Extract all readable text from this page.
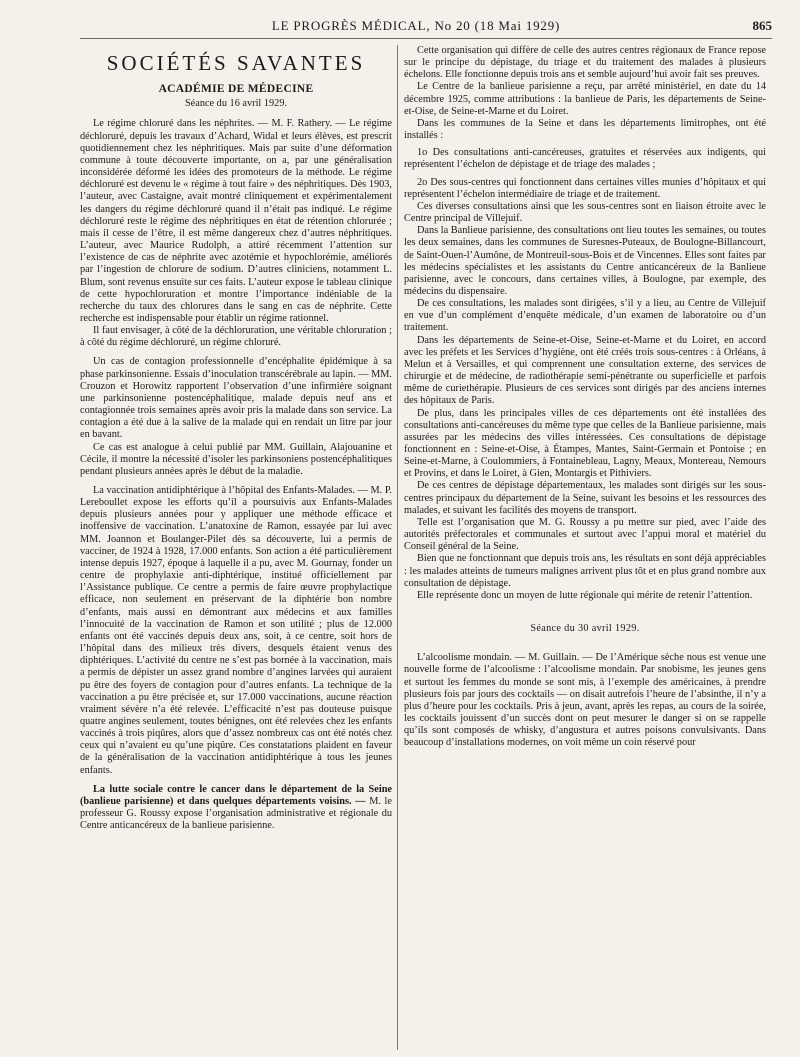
LE PROGRÈS MÉDICAL, No 20 (18 Mai 1929)	865
SOCIÉTÉS SAVANTES
ACADÉMIE DE MÉDECINE
Séance du 16 avril 1929.

Le régime chloruré dans les néphrites. — M. F. Rathery. — Le régime déchloruré, depuis les travaux d’Achard, Widal et leurs élèves, est prescrit quotidiennement chez les néphritiques. Mais par suite d’une déformation commune à toute découverte importante, on a, par une généralisation inconsidérée déformé les idées des promoteurs de la méthode. Le régime déchloruré est devenu le « régime à tout faire » des néphritiques. Dès 1903, l’auteur, avec Castaigne, avait montré cliniquement et expérimentalement les dangers du régime déchloruré quand il n’était pas indiqué. Le régime déchloruré reste le régime des néphritiques en état de rétention chlorurée ; mais il cesse de l’être, il est même dangereux chez d’autres néphritiques. L’auteur, avec Maurice Rudolph, a attiré récemment l’attention sur l’existence de cas de néphrite avec azotémie et hypochlorémie, améliorés par l’ingestion de chlorure de sodium. D’autres cliniciens, notamment L. Blum, sont revenus ensuite sur ces faits. L’auteur expose le tableau clinique de cette hypochloruration et montre l’importance indéniable de la recherche du taux des chlorures dans le sang en cas de néphrite. Cette recherche est indispensable pour établir un régime rationnel.

Il faut envisager, à côté de la déchloruration, une véritable chloruration ; à côté du régime déchloruré, un régime chloruré.

Un cas de contagion professionnelle d’encéphalite épidémique à sa phase parkinsonienne. Essais d’inoculation transcérébrale au lapin. — MM. Crouzon et Horowitz rapportent l’observation d’une infirmière soignant une parkinsonienne postencéphalitique, malade depuis neuf ans et contagionnée trois semaines après avoir pris la malade dans son service. La contagion a été due à la salive de la malade qui en rendait un litre par jour en bavant.

Ce cas est analogue à celui publié par MM. Guillain, Alajouanine et Cécile, il montre la nécessité d’isoler les parkinsoniens postencéphalitiques pendant plusieurs années après le début de la maladie.

La vaccination antidiphtérique à l’hôpital des Enfants-Malades. — M. P. Lereboullet expose les efforts qu’il a poursuivis aux Enfants-Malades depuis plusieurs années pour y appliquer une méthode efficace et inoffensive de vaccination. L’anatoxine de Ramon, essayée par lui avec MM. Joannon et Boulanger-Pilet dès sa découverte, lui a permis de vacciner, de 1924 à 1928, 17.000 enfants. Son action a été particulièrement intense depuis 1927, époque à laquelle il a pu, avec M. Gournay, fonder un centre de prophylaxie anti-diphtérique, institué officiellement par l’Assistance publique. Ce centre a permis de faire œuvre prophylactique efficace, non seulement en préservant de la diphtérie bon nombre d’enfants, mais aussi en démontrant aux médecins et aux familles l’innocuité de la vaccination de Ramon et son utilité ; plus de 12.000 enfants ont été vaccinés depuis deux ans, soit, à ce centre, soit hors de l’hôpital dans des milieux très divers, desquels étaient venus des diphtériques. L’activité du centre ne s’est pas bornée à la vaccination, mais a permis de dépister un assez grand nombre d’angines larvées qui auraient pu être des foyers de contagion pour d’autres enfants. La technique de la vaccination a pu être précisée et, sur 17.000 vaccinations, aucune réaction vraiment sévère n’a été relevée. L’efficacité n’est pas douteuse puisque quatre angines seulement, toutes bénignes, ont été relevées chez les enfants vaccinés à trois piqûres, alors que d’assez nombreux cas ont été notés chez ceux qui n’avaient eu qu’une piqûre. Ces constatations plaident en faveur de la généralisation de la vaccination antidiphtérique à tous les jeunes enfants.

La lutte sociale contre le cancer dans le département de la Seine (banlieue parisienne) et dans quelques départements voisins. — M. le professeur G. Roussy expose l’organisation administrative et régionale du Centre anticancéreux de la banlieue parisienne.

Cette organisation qui diffère de celle des autres centres régionaux de France repose sur le principe du dépistage, du triage et du traitement des malades à plusieurs échelons. Elle fonctionne depuis trois ans et semble aujourd’hui avoir fait ses preuves.

Le Centre de la banlieue parisienne a reçu, par arrêté ministériel, en date du 14 décembre 1925, comme attributions : la banlieue de Paris, les départements de Seine-et-Oise, de Seine-et-Marne et du Loiret.

Dans les communes de la Seine et dans les départements limitrophes, ont été installés :

1o Des consultations anti-cancéreuses, gratuites et réservées aux indigents, qui représentent l’échelon de dépistage et de triage des malades ;

2o Des sous-centres qui fonctionnent dans certaines villes munies d’hôpitaux et qui représentent l’échelon intermédiaire de triage et de traitement.

Ces diverses consultations ainsi que les sous-centres sont en liaison étroite avec le Centre principal de Villejuif.

Dans la Banlieue parisienne, des consultations ont lieu toutes les semaines, ou toutes les deux semaines, dans les communes de Suresnes-Puteaux, de Boulogne-Billancourt, de Saint-Ouen-l’Aumône, de Montreuil-sous-Bois et de Vincennes. Elles sont faites par les médecins spécialistes et les assistants du Centre anticancéreux de la Banlieue parisienne, avec le concours, dans certaines villes, à Boulogne, par exemple, des médecins du dispensaire.

De ces consultations, les malades sont dirigées, s’il y a lieu, au Centre de Villejuif en vue d’un complément d’enquête médicale, d’un examen de laboratoire ou d’un traitement.

Dans les départements de Seine-et-Oise, Seine-et-Marne et du Loiret, en accord avec les préfets et les Services d’hygiène, ont été créés trois sous-centres : à Orléans, à Melun et à Versailles, et qui comprennent une consultation externe, des services de chirurgie et de médecine, de radiothérapie semi-pénétrante ou superficielle et parfois même de curiethérapie. Plusieurs de ces services sont dirigés par des anciens internes des hôpitaux de Paris.

De plus, dans les principales villes de ces départements ont été installées des consultations anti-cancéreuses du même type que celles de la Banlieue parisienne, mais assurées par les médecins des villes intéressées. Ces consultations de dépistage fonctionnent en : Seine-et-Oise, à Étampes, Mantes, Saint-Germain et Pontoise ; en Seine-et-Marne, à Coulommiers, à Fontainebleau, Lagny, Meaux, Montereau, Nemours et Provins, et dans le Loiret, à Gien, Montargis et Pithiviers.

De ces centres de dépistage départementaux, les malades sont dirigés sur les sous-centres principaux du département de la Seine, suivant les besoins et les ressources des malades, et suivant les facilités des moyens de transport.

Telle est l’organisation que M. G. Roussy a pu mettre sur pied, avec l’aide des autorités préfectorales et communales et surtout avec l’appui moral et matériel du Conseil général de la Seine.

Bien que ne fonctionnant que depuis trois ans, les résultats en sont déjà appréciables : les malades atteints de tumeurs malignes arrivent plus tôt et en plus grand nombre aux consultation de dépistage.

Elle représente donc un moyen de lutte régionale qui mérite de retenir l’attention.

Séance du 30 avril 1929.

L’alcoolisme mondain. — M. Guillain. — De l’Amérique sèche nous est venue une nouvelle forme de l’alcoolisme : l’alcoolisme mondain. Par snobisme, les jeunes gens et surtout les femmes du monde se sont mis, à l’exemple des américaines, à prendre plusieurs fois par jours des cocktails — on disait autrefois l’heure de l’absinthe, il n’y a plus d’heure pour les cocktails. Pris à jeun, avant, après les repas, au cours de la soirée, les cocktails jouissent d’un succès dont on peut mesurer le danger si on se rappelle qu’ils sont composés de whisky, d’angustura et autres poisons convulsivants. Dans beaucoup d’installations modernes, on voit même un coin réservé pour
